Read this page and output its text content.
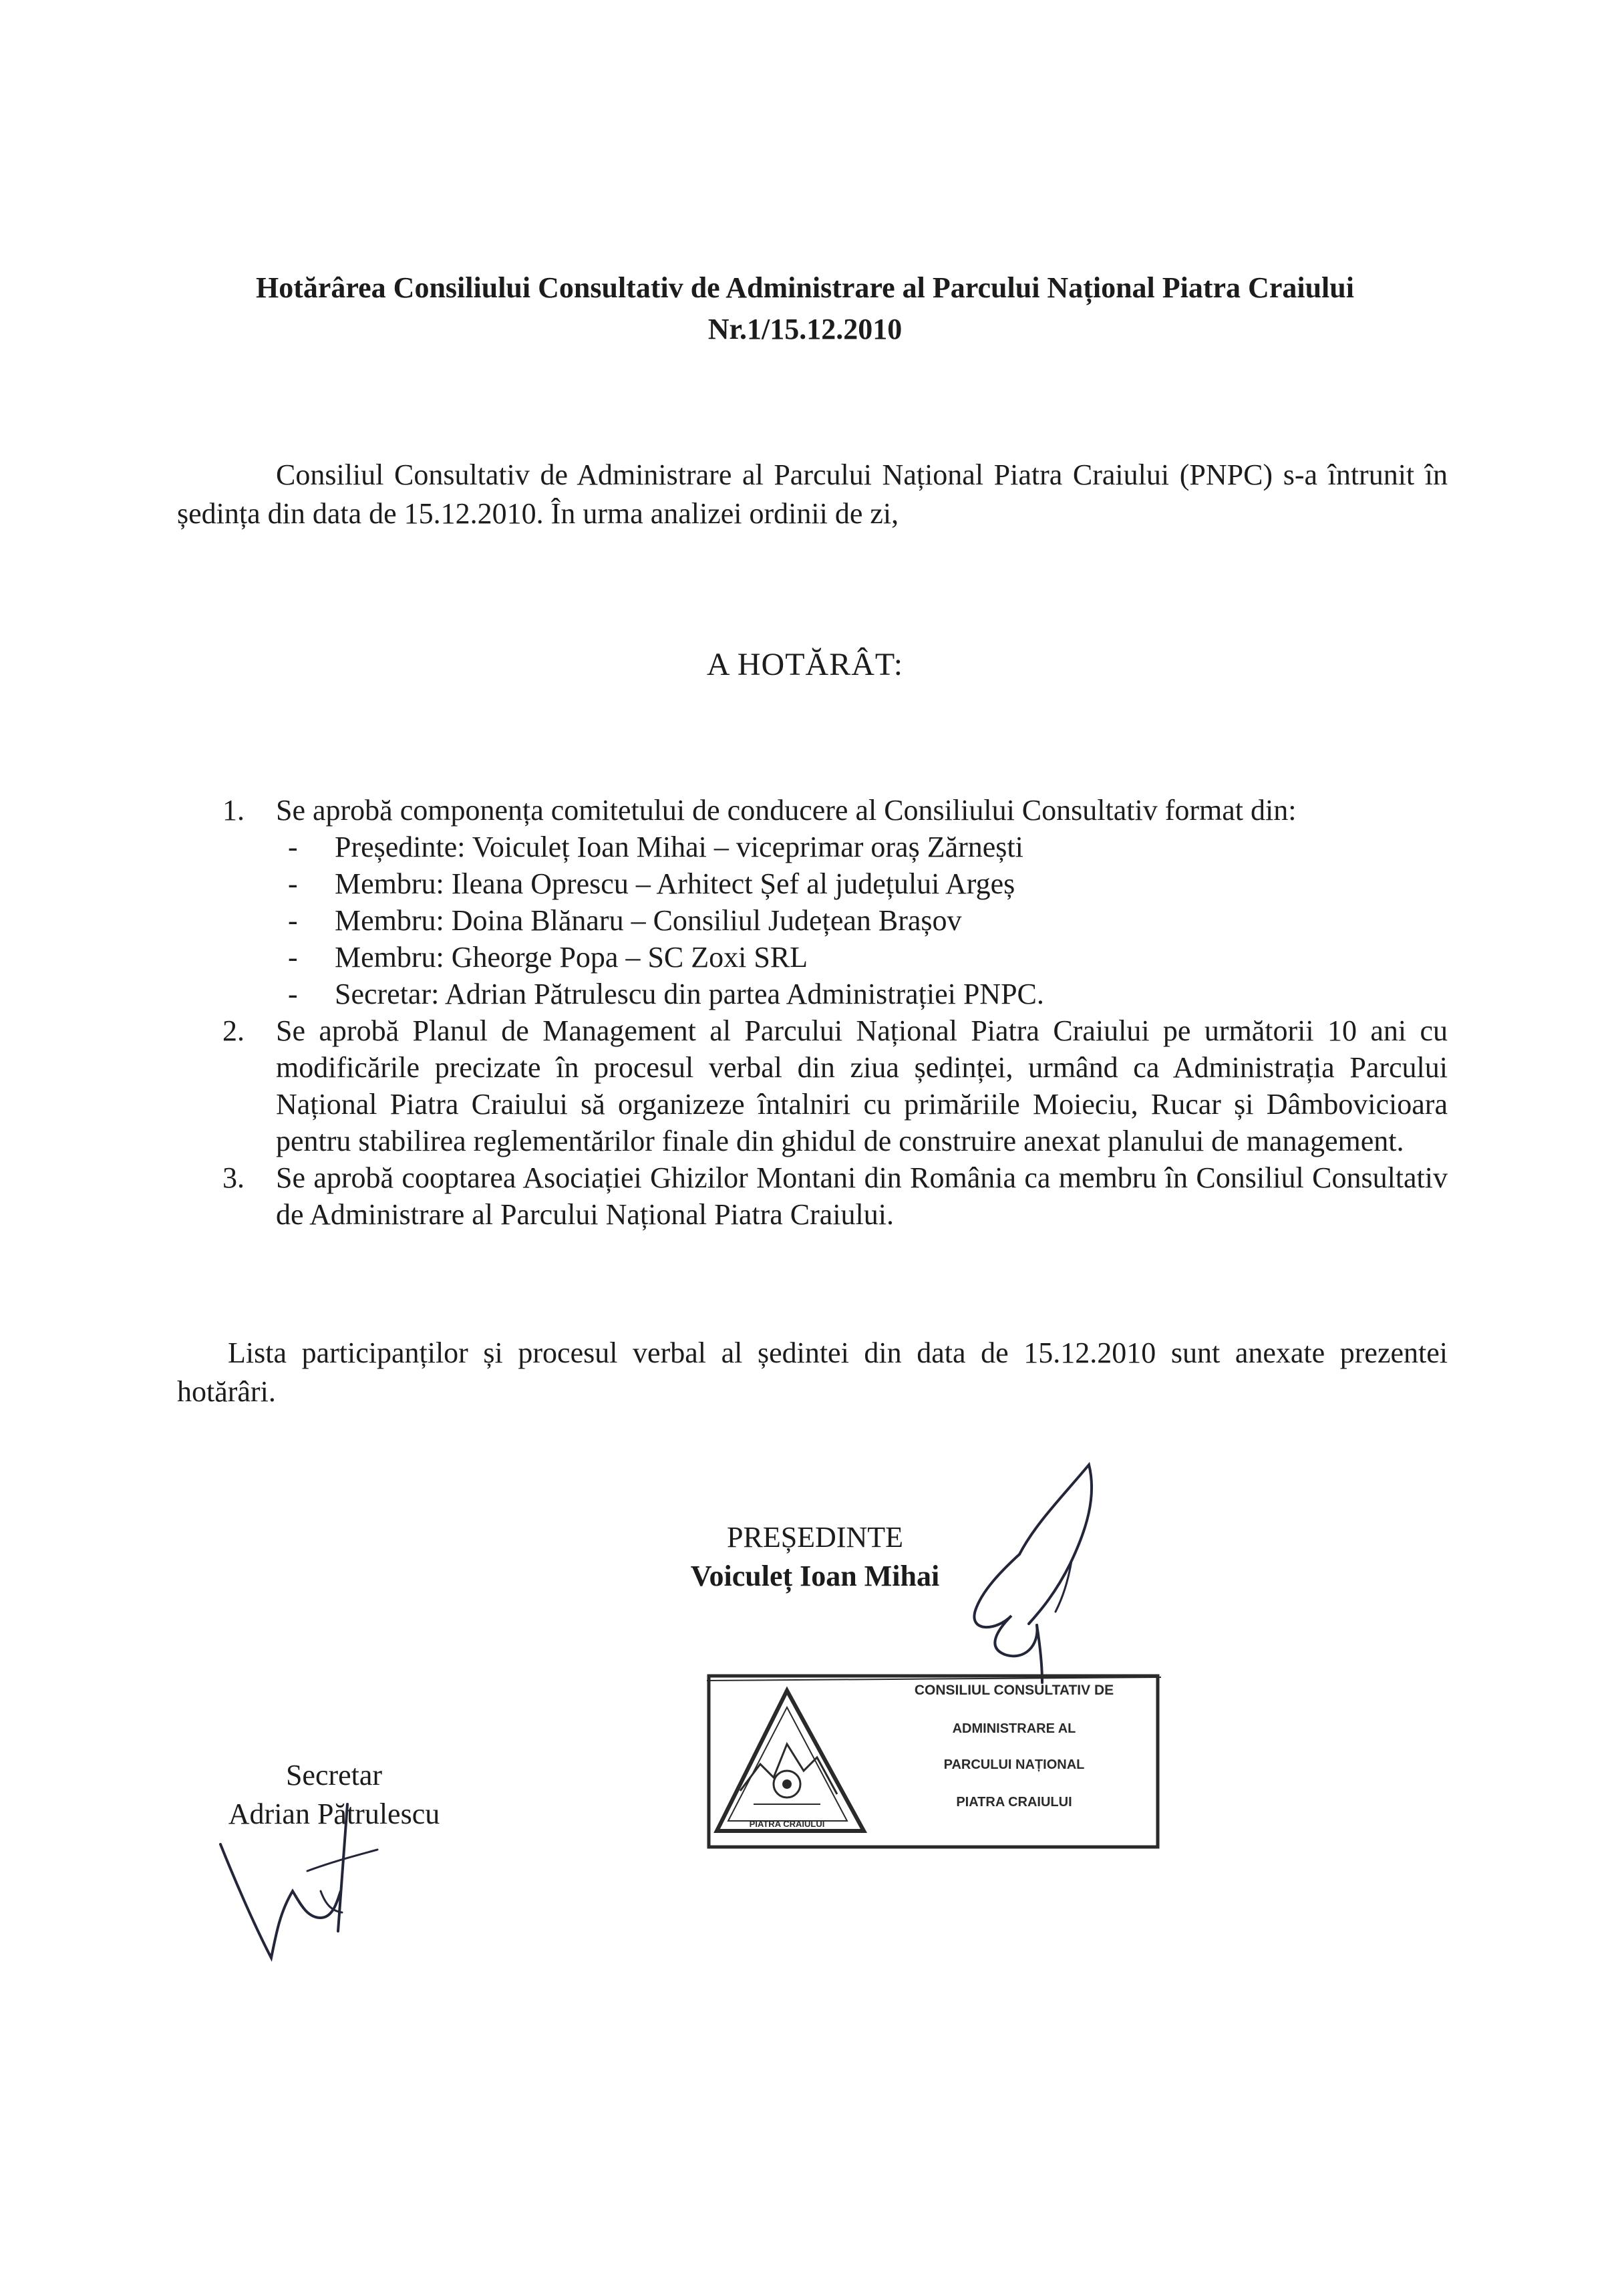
Hotărârea Consiliului Consultativ de Administrare al Parcului Național Piatra Craiului
Nr.1/15.12.2010
Consiliul Consultativ de Administrare al Parcului Național Piatra Craiului (PNPC) s-a întrunit în ședința din data de 15.12.2010. În urma analizei ordinii de zi,
A HOTĂRÂT:
1. Se aprobă componența comitetului de conducere al Consiliului Consultativ format din:
- Președinte: Voiculeț Ioan Mihai – viceprimar oraș Zărnești
- Membru: Ileana Oprescu – Arhitect Șef al județului Argeș
- Membru: Doina Blănaru – Consiliul Județean Brașov
- Membru: Gheorge Popa – SC Zoxi SRL
- Secretar: Adrian Pătrulescu din partea Administrației PNPC.
2. Se aprobă Planul de Management al Parcului Național Piatra Craiului pe următorii 10 ani cu modificările precizate în procesul verbal din ziua ședinței, urmând ca Administrația Parcului Național Piatra Craiului să organizeze întalniri cu primăriile Moieciu, Rucar și Dâmbovicioara pentru stabilirea reglementărilor finale din ghidul de construire anexat planului de management.
3. Se aprobă cooptarea Asociației Ghizilor Montani din România ca membru în Consiliul Consultativ de Administrare al Parcului Național Piatra Craiului.
Lista participanților și procesul verbal al ședintei din data de 15.12.2010 sunt anexate prezentei hotărâri.
PREȘEDINTE
Voiculeț Ioan Mihai
CONSILIUL CONSULTATIV DE
ADMINISTRARE AL
PARCULUI NAȚIONAL
PIATRA CRAIULUI
PIATRA CRAIULUI
Secretar
Adrian Pătrulescu
